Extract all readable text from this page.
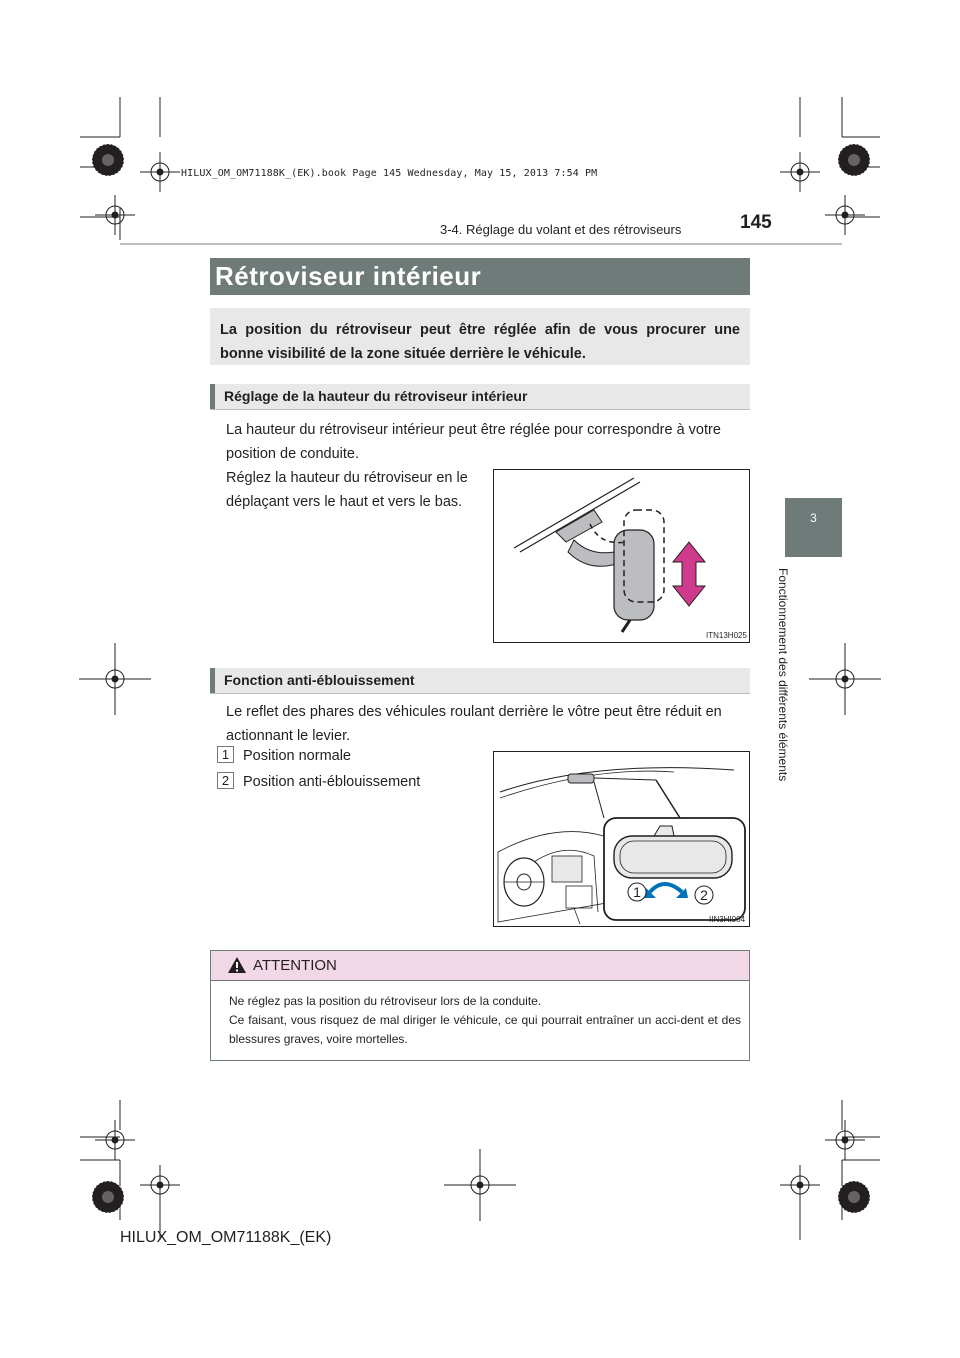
HILUX_OM_OM71188K_(EK).book Page 145 Wednesday, May 15, 2013 7:54 PM
3-4. Réglage du volant et des rétroviseurs	145
Rétroviseur intérieur
La position du rétroviseur peut être réglée afin de vous procurer une bonne visibilité de la zone située derrière le véhicule.
Réglage de la hauteur du rétroviseur intérieur
La hauteur du rétroviseur intérieur peut être réglée pour correspondre à votre position de conduite.
Réglez la hauteur du rétroviseur en le déplaçant vers le haut et vers le bas.
ITN13H025
Fonction anti-éblouissement
Le reflet des phares des véhicules roulant derrière le vôtre peut être réduit en actionnant le levier.
1 Position normale
2 Position anti-éblouissement
1	2
IIN3HI004
3
Fonctionnement des différents éléments
ATTENTION
Ne réglez pas la position du rétroviseur lors de la conduite.
Ce faisant, vous risquez de mal diriger le véhicule, ce qui pourrait entraîner un acci-dent et des blessures graves, voire mortelles.
HILUX_OM_OM71188K_(EK)
